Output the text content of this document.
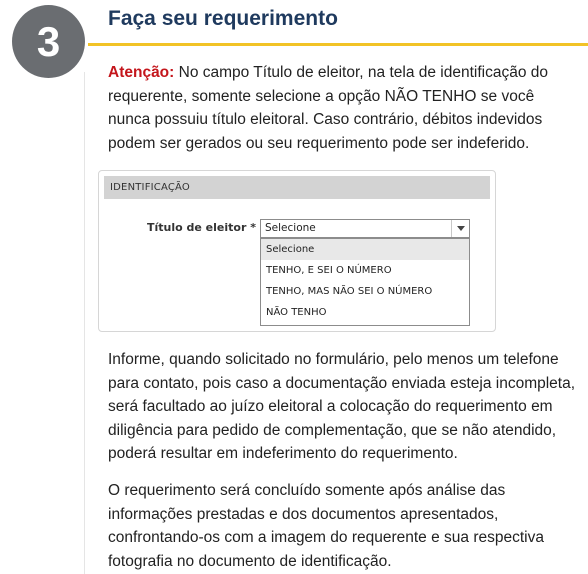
3	Faça seu requerimento

Atenção: No campo Título de eleitor, na tela de identificação do requerente, somente selecione a opção NÃO TENHO se você nunca possuiu título eleitoral. Caso contrário, débitos indevidos podem ser gerados ou seu requerimento pode ser indeferido.

IDENTIFICAÇÃO
Título de eleitor * Selecione
Selecione
TENHO, E SEI O NÚMERO
TENHO, MAS NÃO SEI O NÚMERO
NÃO TENHO

Informe, quando solicitado no formulário, pelo menos um telefone para contato, pois caso a documentação enviada esteja incompleta, será facultado ao juízo eleitoral a colocação do requerimento em diligência para pedido de complementação, que se não atendido, poderá resultar em indeferimento do requerimento.

O requerimento será concluído somente após análise das informações prestadas e dos documentos apresentados, confrontando-os com a imagem do requerente e sua respectiva fotografia no documento de identificação.
